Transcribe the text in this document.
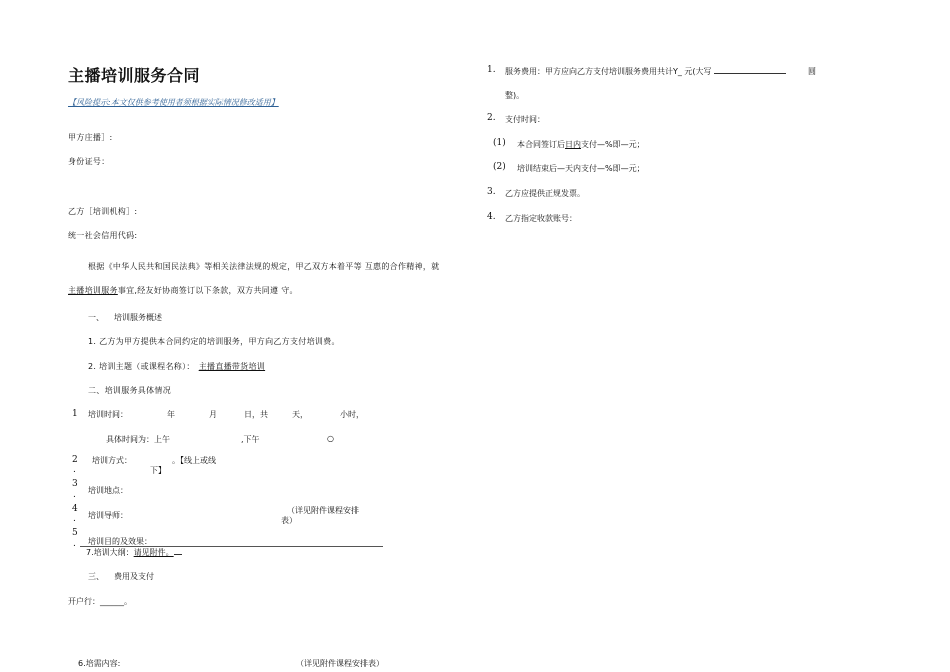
主播培训服务合同
【风险提示:本文仅供参考使用者须根据实际情况修改适用】
甲方庄播］:
身份证号：
乙方［培训机构］:
统一社会信用代码:
根据《中华人民共和国民法典》等相关法律法规的规定，甲乙双方本着平等 互惠的合作精神，就
主播培训服务事宜,经友好协商签订以下条款，双方共同遵 守。
一、 培训服务概述
1. 乙方为甲方提供本合同约定的培训服务，甲方向乙方支付培训费。
2. 培训主题（或课程名称）： 主播直播带货培训
二、培训服务具体情况
1 培训时间：	年	月	日，共	天，	小时，
具体时间为：上午	,下午	○
2
.
培训方式：	。【线上或线
下】
3
. 培训地点：
4
. 培训导师：
（详见附件课程安排
表）
5
. 培训目的及效果：
7.培训大纲：请见附件。
三、 费用及支付
开户行：______。
6.培需内容:	（详见附件课程安排表）
1. 服务费用：甲方应向乙方支付培训服务费用共计Y_ 元(大写	圆
整)。
2. 支付时间：
(1) 本合同签订后日内支付—%即—元；
(2) 培训结束后—天内支付—%即—元；
3. 乙方应提供正规发票。
4. 乙方指定收款账号：
